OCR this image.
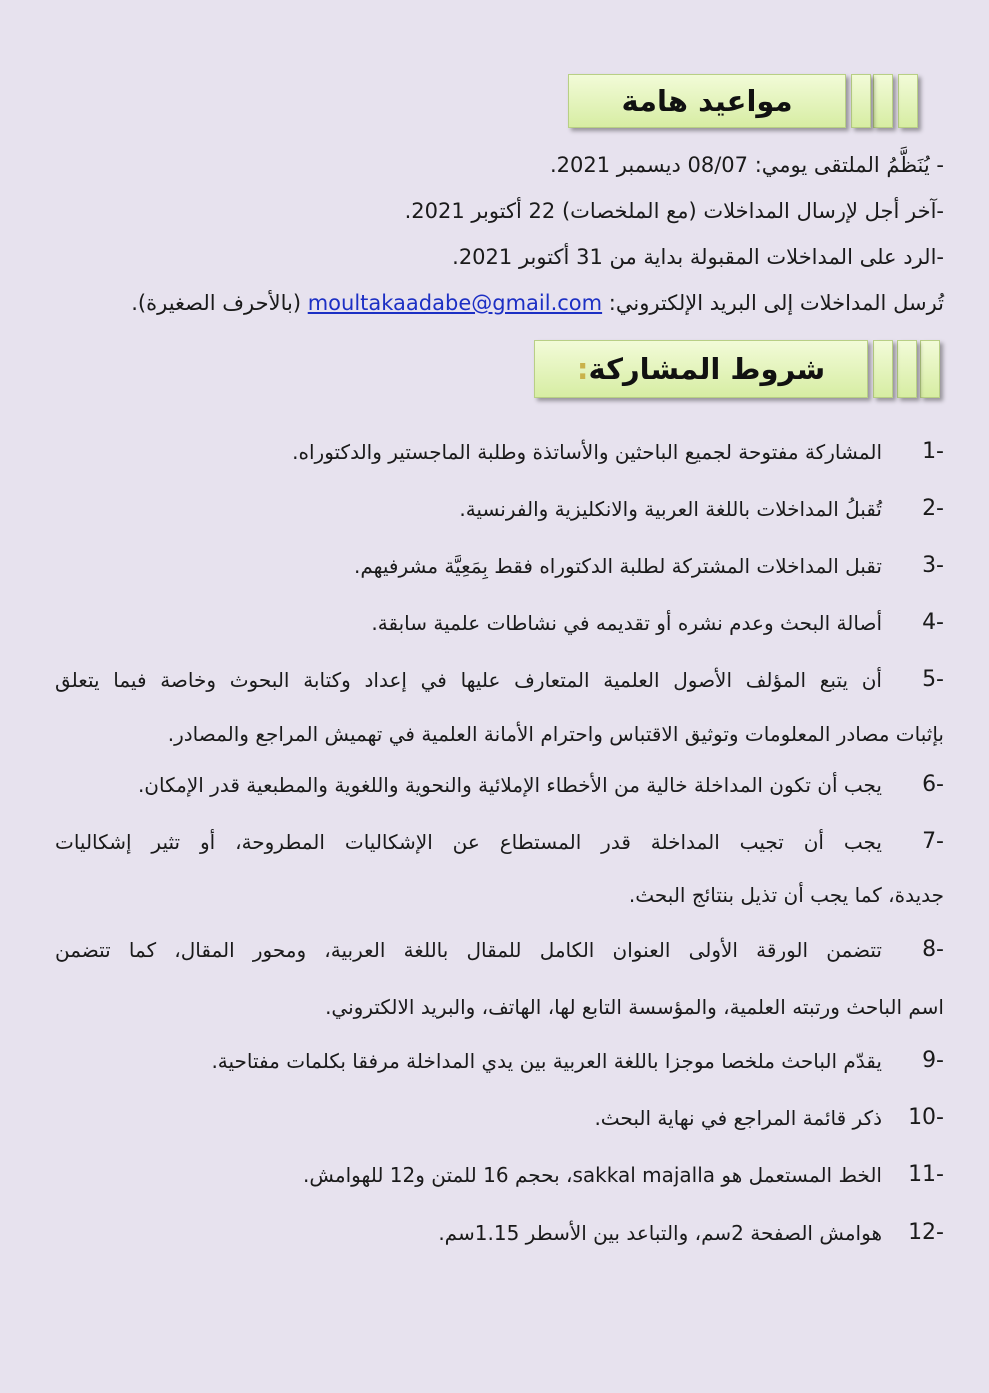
مواعيد هامة
- يُنَظَّمُ الملتقى يومي: 08/07 ديسمبر 2021.
-آخر أجل لإرسال المداخلات (مع الملخصات) 22 أكتوبر 2021.
-الرد على المداخلات المقبولة بداية من 31 أكتوبر 2021.
تُرسل المداخلات إلى البريد الإلكتروني: moultakaadabe@gmail.com (بالأحرف الصغيرة).
شروط المشاركة:
1-
المشاركة مفتوحة لجميع الباحثين والأساتذة وطلبة الماجستير والدكتوراه.
2-
تُقبلُ المداخلات باللغة العربية والانكليزية والفرنسية.
3-
تقبل المداخلات المشتركة لطلبة الدكتوراه فقط بِمَعِيَّة مشرفيهم.
4-
أصالة البحث وعدم نشره أو تقديمه في نشاطات علمية سابقة.
5-
أن يتبع المؤلف الأصول العلمية المتعارف عليها في إعداد وكتابة البحوث وخاصة فيما يتعلق
بإثبات مصادر المعلومات وتوثيق الاقتباس واحترام الأمانة العلمية في تهميش المراجع والمصادر.
6-
يجب أن تكون المداخلة خالية من الأخطاء الإملائية والنحوية واللغوية والمطبعية قدر الإمكان.
7-
يجب أن تجيب المداخلة قدر المستطاع عن الإشكاليات المطروحة، أو تثير إشكاليات
جديدة، كما يجب أن تذيل بنتائج البحث.
8-
تتضمن الورقة الأولى العنوان الكامل للمقال باللغة العربية، ومحور المقال، كما تتضمن
اسم الباحث ورتبته العلمية، والمؤسسة التابع لها، الهاتف، والبريد الالكتروني.
9-
يقدّم الباحث ملخصا موجزا باللغة العربية بين يدي المداخلة مرفقا بكلمات مفتاحية.
10-
ذكر قائمة المراجع في نهاية البحث.
11-
الخط المستعمل هو sakkal majalla، بحجم 16 للمتن و12 للهوامش.
12-
هوامش الصفحة 2سم، والتباعد بين الأسطر 1.15سم.
